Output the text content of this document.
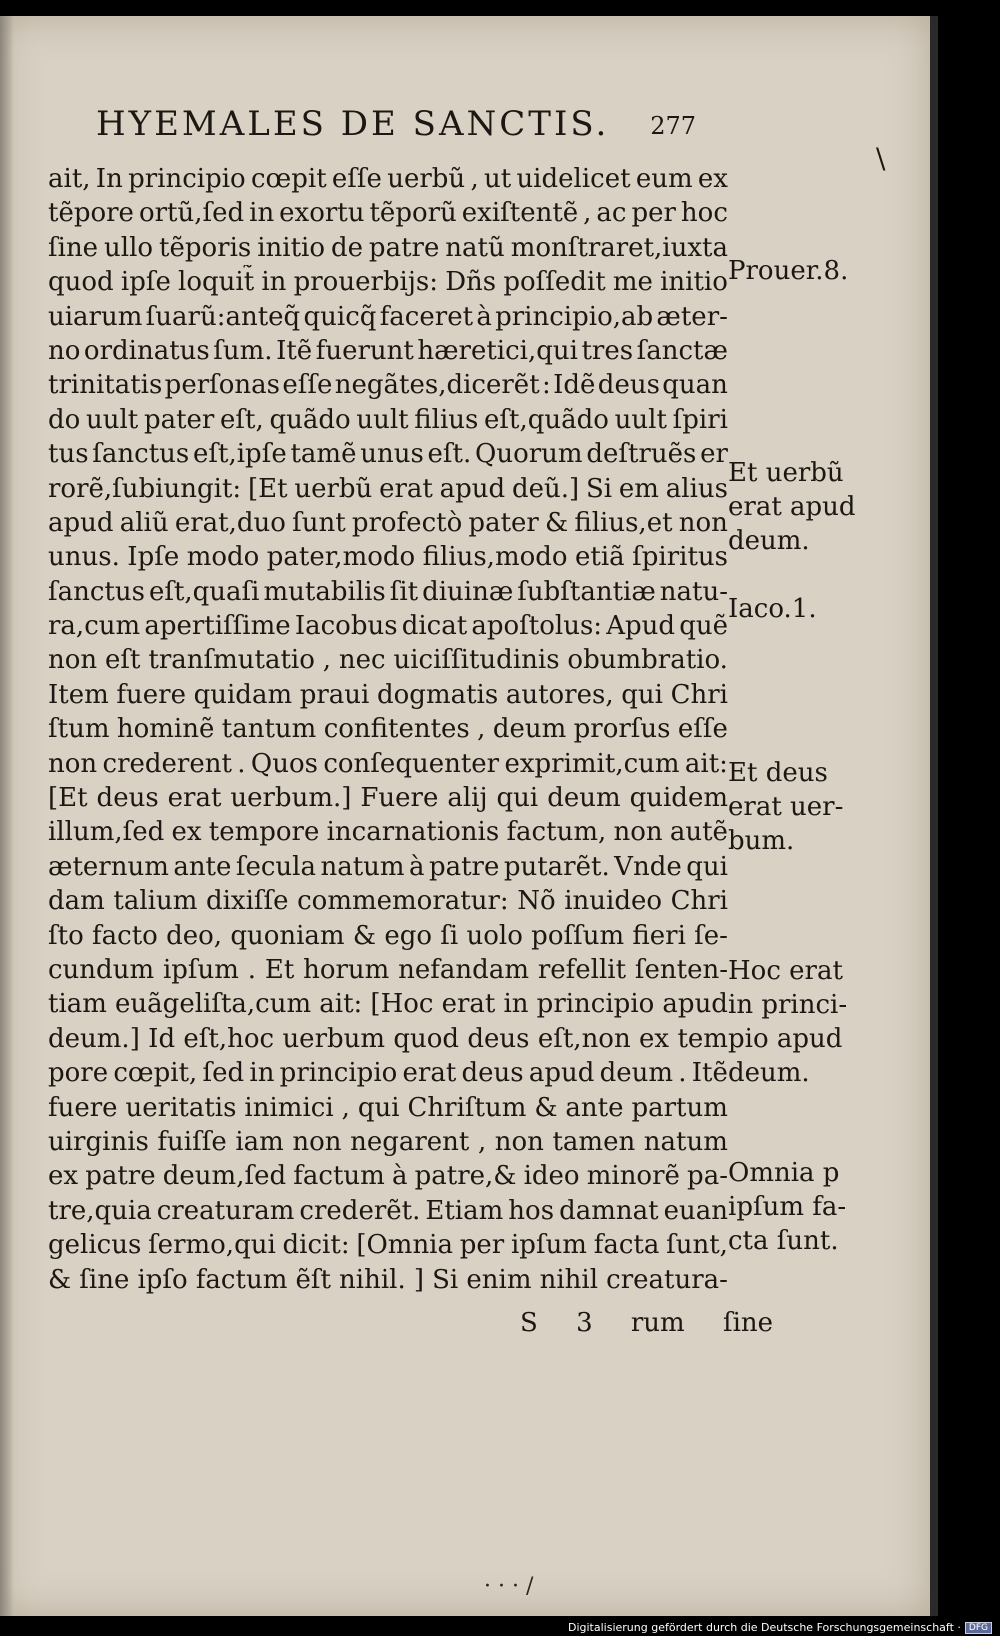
HYEMALES DE SANCTIS. 277
\
ait, In principio cœpit eſſe uerbũ , ut uidelicet eum ex
tẽpore ortũ,ſed in exortu tẽporũ exiſtentẽ , ac per hoc
ſine ullo tẽporis initio de patre natũ monſtraret,iuxta
quod ipſe loquit̃ in prouerbijs: Dñs poſſedit me initio
uiarum ſuarũ:anteq̃ quicq̃ faceret à principio,ab æter-
no ordinatus ſum. Itẽ fuerunt hæretici,qui tres ſanctæ
trinitatis perſonas eſſe negãtes,dicerẽt : Idẽ deus quan
do uult pater eſt, quãdo uult filius eſt,quãdo uult ſpiri
tus ſanctus eſt,ipſe tamẽ unus eſt. Quorum deſtruẽs er
rorẽ,ſubiungit: [Et uerbũ erat apud deũ.] Si em alius
apud aliũ erat,duo ſunt profectò pater & filius,et non
unus. Ipſe modo pater,modo filius,modo etiã ſpiritus
ſanctus eſt,quaſi mutabilis ſit diuinæ ſubſtantiæ natu-
ra,cum apertiſſime Iacobus dicat apoſtolus: Apud quẽ
non eſt tranſmutatio , nec uiciſſitudinis obumbratio.
Item fuere quidam praui dogmatis autores, qui Chri
ſtum hominẽ tantum confitentes , deum prorſus eſſe
non crederent . Quos conſequenter exprimit,cum ait:
[Et deus erat uerbum.] Fuere alij qui deum quidem
illum,ſed ex tempore incarnationis factum, non autẽ
æternum ante ſecula natum à patre putarẽt. Vnde qui
dam talium dixiſſe commemoratur: Nõ inuideo Chri
ſto facto deo, quoniam & ego ſi uolo poſſum fieri ſe-
cundum ipſum . Et horum nefandam refellit ſenten-
tiam euãgeliſta,cum ait: [Hoc erat in principio apud
deum.] Id eſt,hoc uerbum quod deus eſt,non ex tem
pore cœpit, ſed in principio erat deus apud deum . Itẽ
fuere ueritatis inimici , qui Chriſtum & ante partum
uirginis fuiſſe iam non negarent , non tamen natum
ex patre deum,ſed factum à patre,& ideo minorẽ pa-
tre,quia creaturam crederẽt. Etiam hos damnat euan
gelicus ſermo,qui dicit: [Omnia per ipſum facta ſunt,
& ſine ipſo factum ẽſt nihil. ] Si enim nihil creatura-
S 3 rum ſine
Prouer.8.
Et uerbũ
erat apud
deum.
Iaco.1.
Et deus
erat uer-
bum.
Hoc erat
in princi-
pio apud
deum.
Omnia p
ipſum fa-
cta ſunt.
· · · /
Digitalisierung gefördert durch die Deutsche Forschungsgemeinschaft · DFG
